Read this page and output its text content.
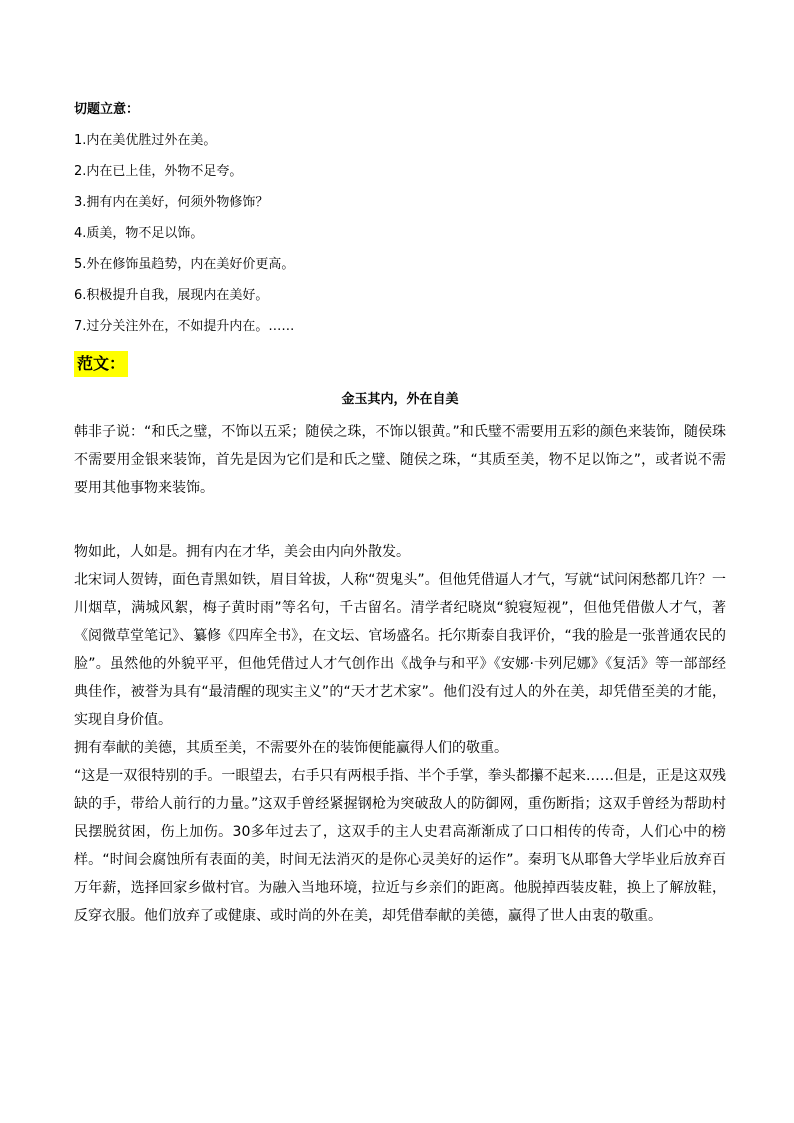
切题立意：
1.内在美优胜过外在美。
2.内在已上佳，外物不足夸。
3.拥有内在美好，何须外物修饰？
4.质美，物不足以饰。
5.外在修饰虽趋势，内在美好价更高。
6.积极提升自我，展现内在美好。
7.过分关注外在，不如提升内在。……
范文：
金玉其内，外在自美

韩非子说：“和氏之璧，不饰以五采；随侯之珠，不饰以银黄。”和氏璧不需要用五彩的颜色来装饰，随侯珠不需要用金银来装饰，首先是因为它们是和氏之璧、随侯之珠，“其质至美，物不足以饰之”，或者说不需要用其他事物来装饰。

物如此，人如是。拥有内在才华，美会由内向外散发。

北宋词人贺铸，面色青黑如铁，眉目耸拔，人称“贺鬼头”。但他凭借逼人才气，写就“试问闲愁都几许？一川烟草，满城风絮，梅子黄时雨”等名句，千古留名。清学者纪晓岚“貌寝短视”，但他凭借傲人才气，著《阅微草堂笔记》、纂修《四库全书》，在文坛、官场盛名。托尔斯泰自我评价，“我的脸是一张普通农民的脸”。虽然他的外貌平平，但他凭借过人才气创作出《战争与和平》《安娜·卡列尼娜》《复活》等一部部经典佳作，被誉为具有“最清醒的现实主义”的“天才艺术家”。他们没有过人的外在美，却凭借至美的才能，实现自身价值。

拥有奉献的美德，其质至美，不需要外在的装饰便能赢得人们的敬重。

“这是一双很特别的手。一眼望去，右手只有两根手指、半个手掌，拳头都攥不起来……但是，正是这双残缺的手，带给人前行的力量。”这双手曾经紧握钢枪为突破敌人的防御网，重伤断指；这双手曾经为帮助村民摆脱贫困，伤上加伤。30多年过去了，这双手的主人史君高渐渐成了口口相传的传奇，人们心中的榜样。“时间会腐蚀所有表面的美，时间无法消灭的是你心灵美好的运作”。秦玥飞从耶鲁大学毕业后放弃百万年薪，选择回家乡做村官。为融入当地环境，拉近与乡亲们的距离。他脱掉西装皮鞋，换上了解放鞋，反穿衣服。他们放弃了或健康、或时尚的外在美，却凭借奉献的美德，赢得了世人由衷的敬重。
